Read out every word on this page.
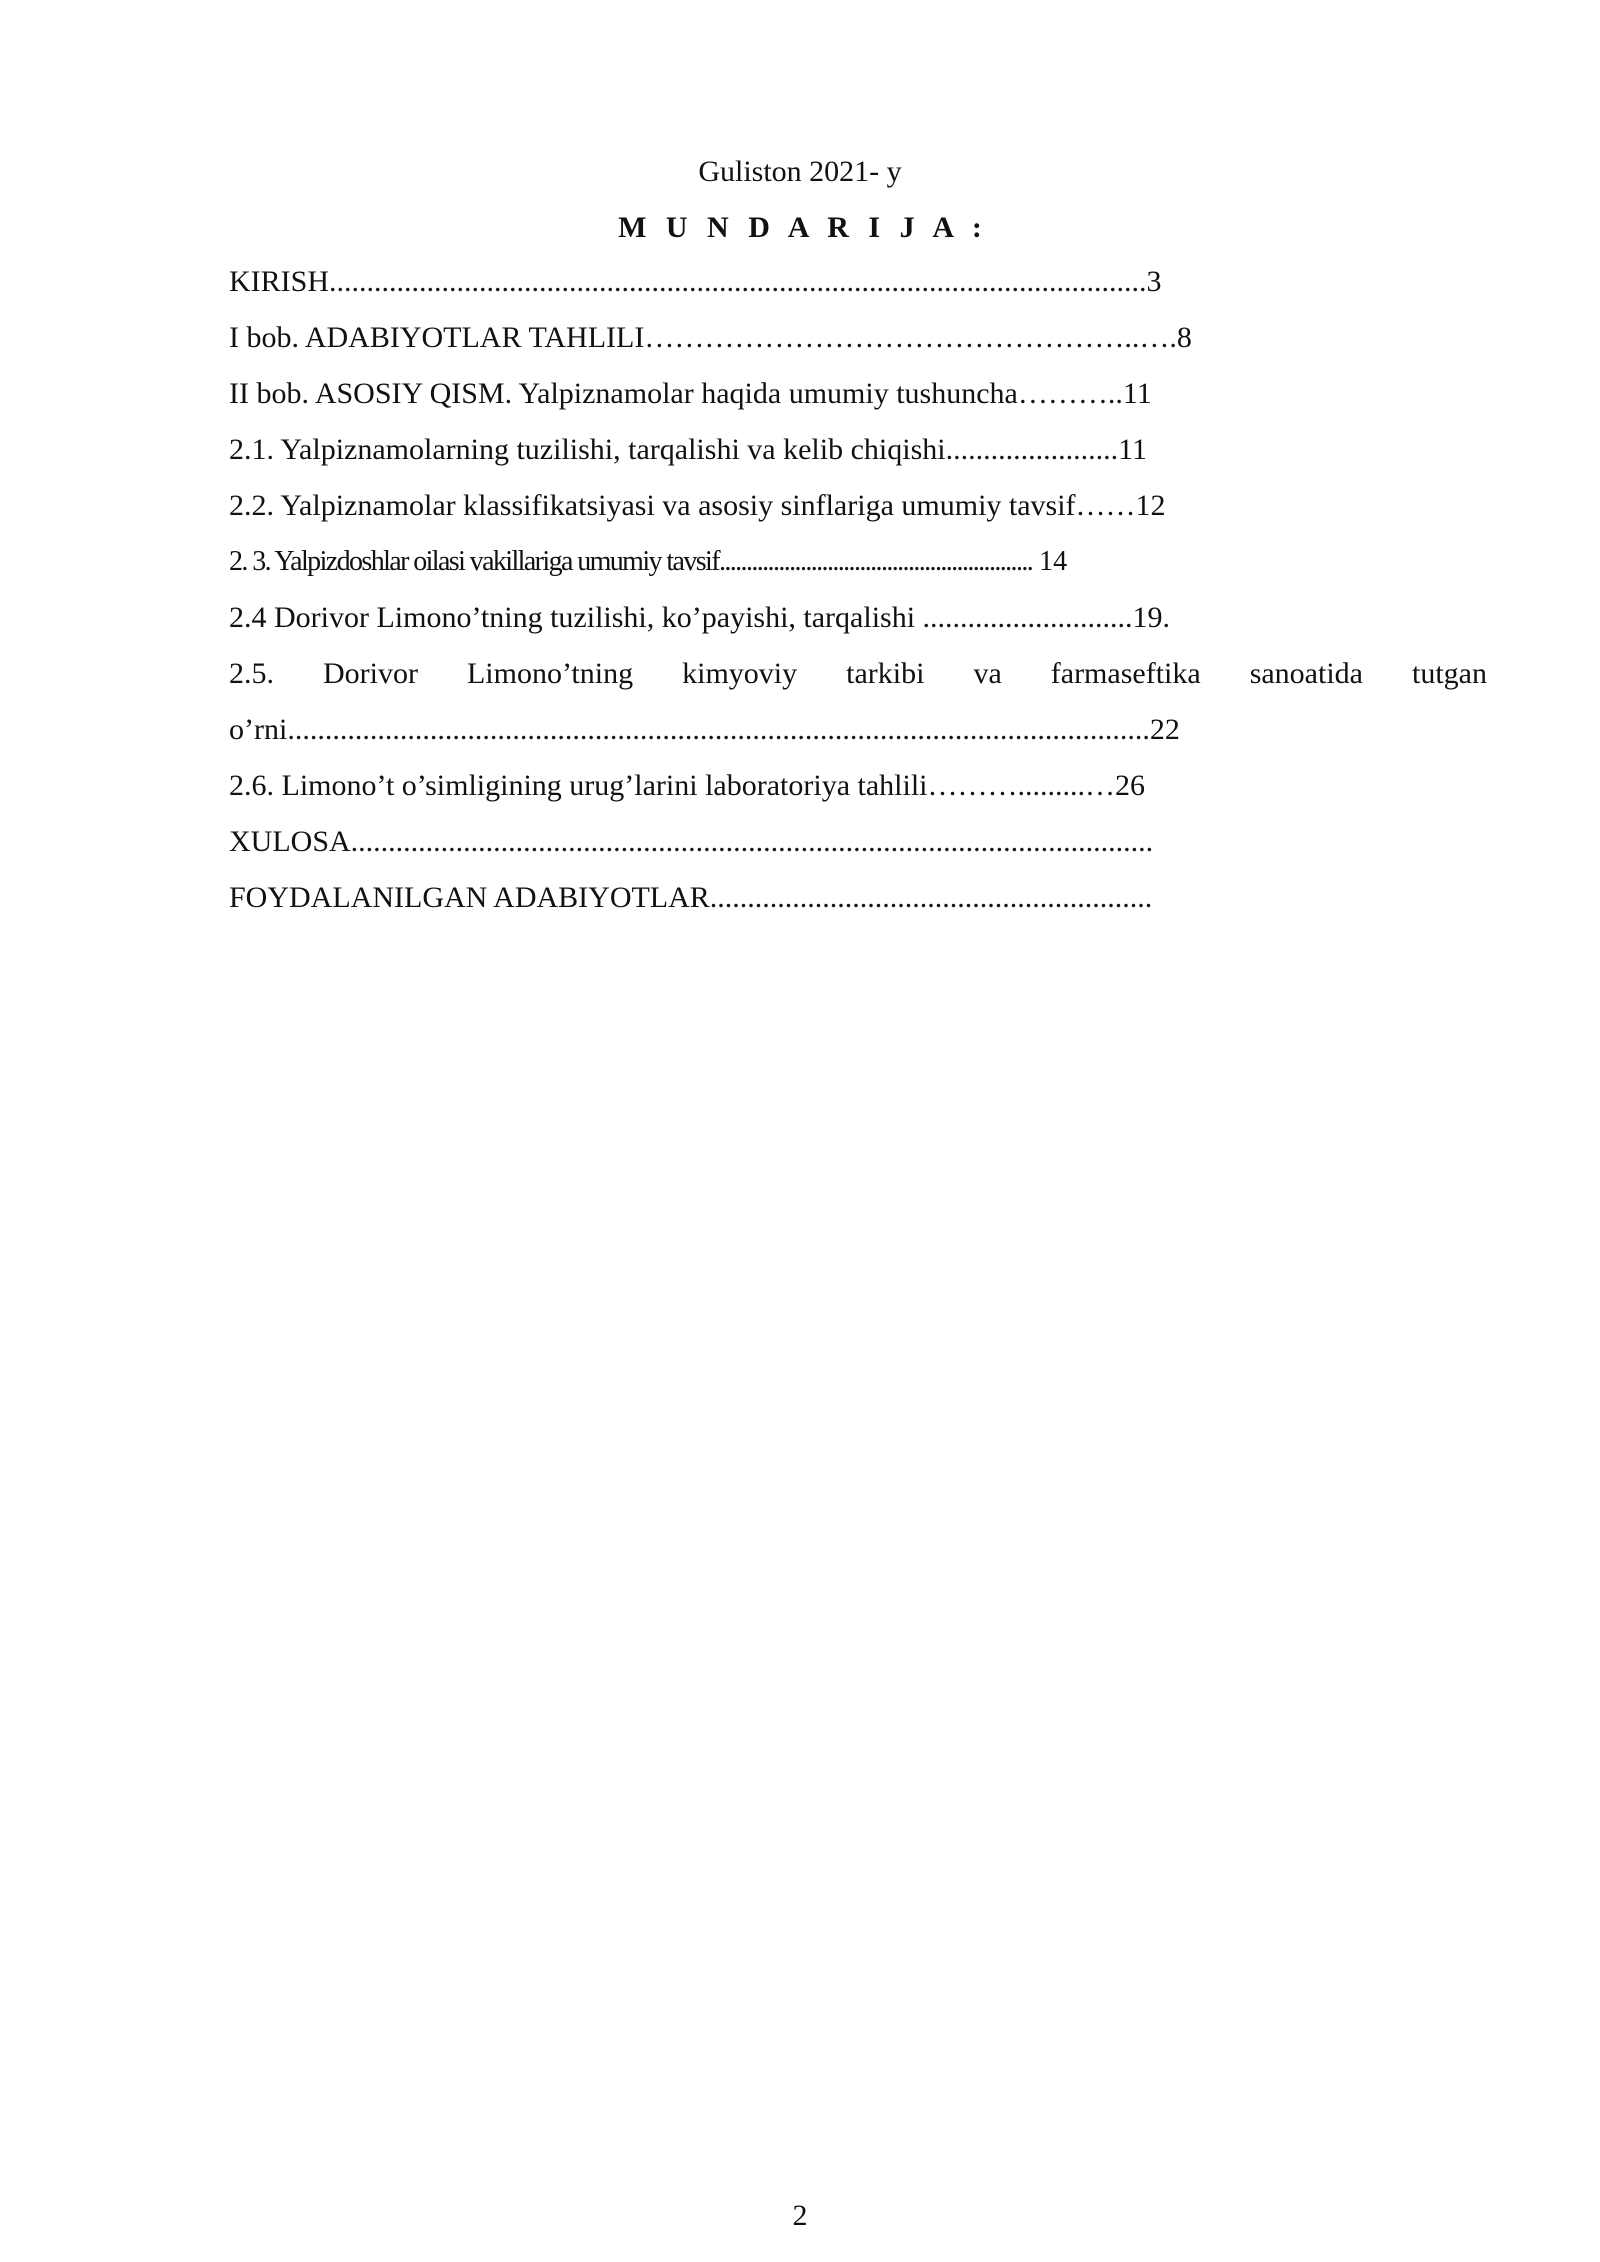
Guliston 2021- y
M U N D A R I J A :
KIRISH.............................................................................................................3
I bob. ADABIYOTLAR TAHLILI…………………………………………..….8
II bob. ASOSIY QISM. Yalpiznamolar haqida umumiy tushuncha………..11
2.1. Yalpiznamolarning tuzilishi, tarqalishi va kelib chiqishi.......................11
2.2. Yalpiznamolar klassifikatsiyasi va asosiy sinflariga umumiy tavsif……12
2. 3. Yalpizdoshlar oilasi vakillariga umumiy tavsif.......................................................... 14
2.4 Dorivor Limono’tning tuzilishi, ko’payishi, tarqalishi ............................19.
2.5. Dorivor Limono’tning kimyoviy tarkibi va farmaseftika sanoatida tutgan
o’rni...................................................................................................................22
2.6. Limono’t o’simligining urug’larini laboratoriya tahlili……….........…26
XULOSA...........................................................................................................
FOYDALANILGAN ADABIYOTLAR...........................................................
2
